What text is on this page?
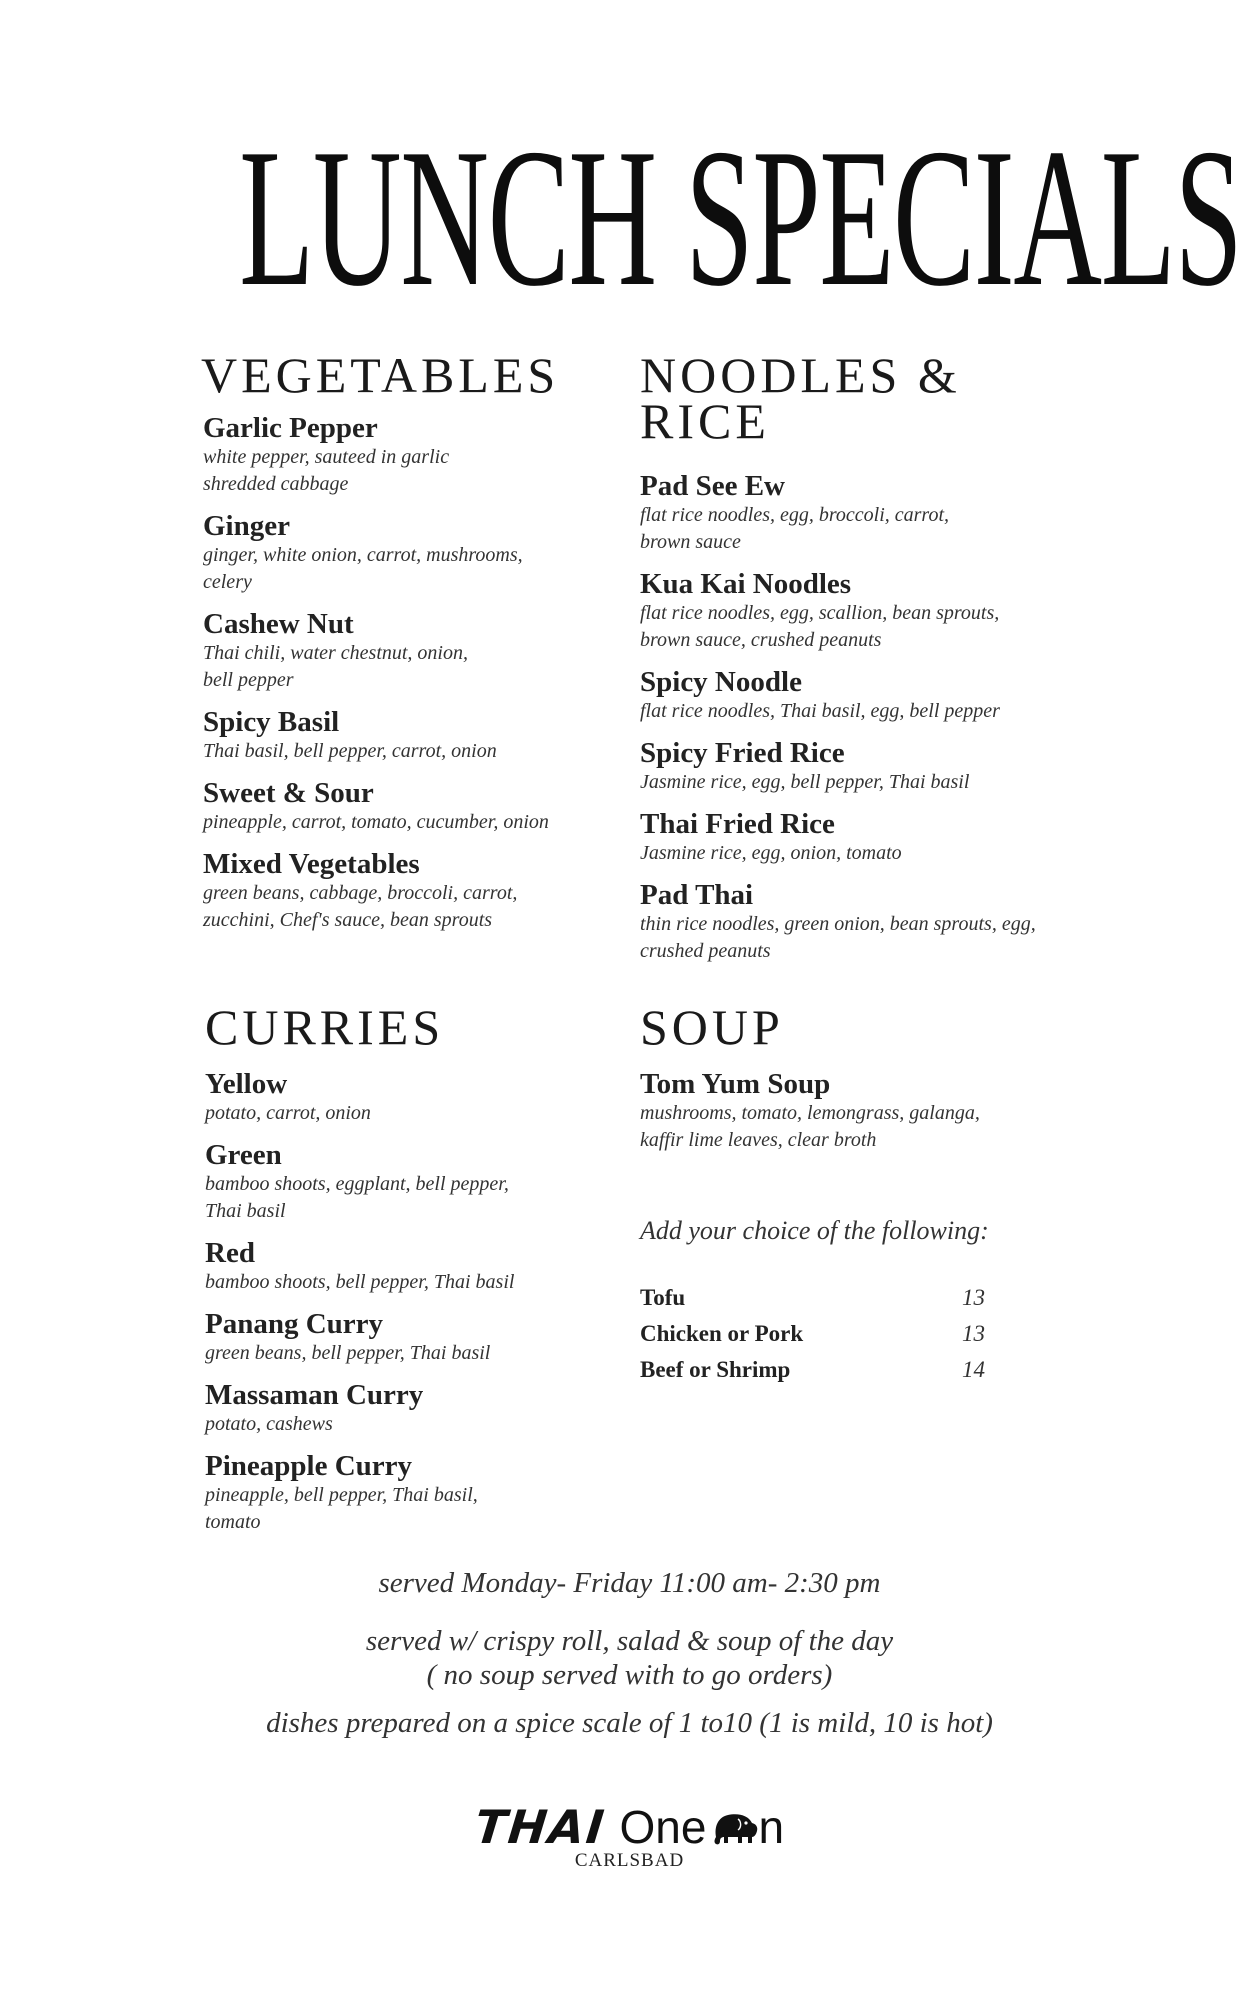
LUNCH SPECIALS
VEGETABLES
Garlic Pepper
white pepper, sauteed in garlic
shredded cabbage
Ginger
ginger, white onion, carrot, mushrooms,
celery
Cashew Nut
Thai chili, water chestnut, onion,
bell pepper
Spicy Basil
Thai basil, bell pepper, carrot, onion
Sweet & Sour
pineapple, carrot, tomato, cucumber, onion
Mixed Vegetables
green beans, cabbage, broccoli, carrot,
zucchini, Chef's sauce, bean sprouts
NOODLES &
RICE
Pad See Ew
flat rice noodles, egg, broccoli, carrot,
brown sauce
Kua Kai Noodles
flat rice noodles, egg, scallion, bean sprouts,
brown sauce, crushed peanuts
Spicy Noodle
flat rice noodles, Thai basil, egg, bell pepper
Spicy Fried Rice
Jasmine rice, egg, bell pepper, Thai basil
Thai Fried Rice
Jasmine rice, egg, onion, tomato
Pad Thai
thin rice noodles, green onion, bean sprouts, egg,
crushed peanuts
CURRIES
Yellow
potato, carrot, onion
Green
bamboo shoots, eggplant, bell pepper,
Thai basil
Red
bamboo shoots, bell pepper, Thai basil
Panang Curry
green beans, bell pepper, Thai basil
Massaman Curry
potato, cashews
Pineapple Curry
pineapple, bell pepper, Thai basil,
tomato
SOUP
Tom Yum Soup
mushrooms, tomato, lemongrass, galanga,
kaffir lime leaves, clear broth
Add your choice of the following:
Tofu	13
Chicken or Pork	13
Beef or Shrimp	14
served Monday- Friday 11:00 am- 2:30 pm
served w/ crispy roll, salad & soup of the day
( no soup served with to go orders)
dishes prepared on a spice scale of 1 to10 (1 is mild, 10 is hot)
THAI One n
CARLSBAD
